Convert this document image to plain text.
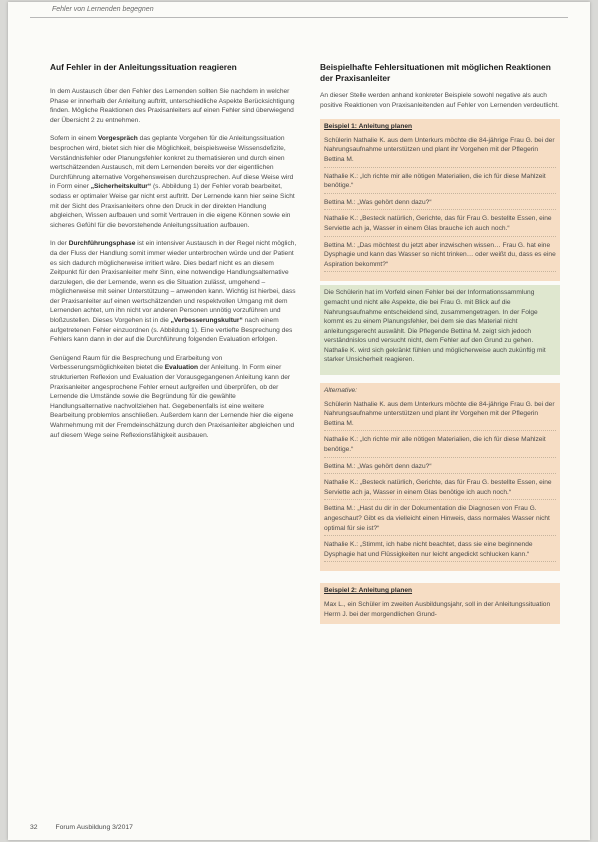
Fehler von Lernenden begegnen
Auf Fehler in der Anleitungssituation reagieren

In dem Austausch über den Fehler des Lernenden sollten Sie nachdem in welcher Phase er innerhalb der Anleitung auftritt, unterschiedliche Aspekte Berücksichtigung finden. Mögliche Reaktionen des Praxisanleiters auf einen Fehler sind überwiegend der Übersicht 2 zu entnehmen.

Sofern in einem Vorgespräch das geplante Vorgehen für die Anleitungssituation besprochen wird, bietet sich hier die Möglichkeit, beispielsweise Wissensdefizite, Verständnisfehler oder Planungsfehler konkret zu thematisieren und durch einen wertschätzenden Austausch, mit dem Lernenden bereits vor der eigentlichen Durchführung alternative Vorgehensweisen durchzusprechen. Auf diese Weise wird in Form einer „Sicherheitskultur“ (s. Abbildung 1) der Fehler vorab bearbeitet, sodass er optimaler Weise gar nicht erst auftritt. Der Lernende kann hier seine Sicht mit der Sicht des Praxisanleiters ohne den Druck in der direkten Handlung abgleichen, Wissen aufbauen und somit Vertrauen in die eigene Können sowie ein sicheres Gefühl für die bevorstehende Anleitungssituation aufbauen.

In der Durchführungsphase ist ein intensiver Austausch in der Regel nicht möglich, da der Fluss der Handlung somit immer wieder unterbrochen würde und der Patient es sich dadurch möglicherweise irritiert wäre. Dies bedarf nicht es an diesem Zeitpunkt für den Praxisanleiter mehr Sinn, eine notwendige Handlungsalternative darzulegen, die der Lernende, wenn es die Situation zulässt, umgehend – möglicherweise mit seiner Unterstützung – anwenden kann. Wichtig ist hierbei, dass der Praxisanleiter auf einen wertschätzenden und respektvollen Umgang mit dem Lernenden achtet, um ihn nicht vor anderen Personen unnötig vorzuführen und bloßzustellen. Dieses Vorgehen ist in die „Verbesserungskultur“ nach einem aufgetretenen Fehler einzuordnen (s. Abbildung 1). Eine vertiefte Besprechung des Fehlers kann dann in der auf die Durchführung folgenden Evaluation erfolgen.

Genügend Raum für die Besprechung und Erarbeitung von Verbesserungsmöglichkeiten bietet die Evaluation der Anleitung. In Form einer strukturierten Reflexion und Evaluation der Vorausgegangenen Anleitung kann der Praxisanleiter angesprochene Fehler erneut aufgreifen und überprüfen, ob der Lernende die Umstände sowie die Begründung für die gewählte Handlungsalternative nachvollziehen hat. Gegebenenfalls ist eine weitere Bearbeitung problemlos anschließen. Außerdem kann der Lernende hier die eigene Wahrnehmung mit der Fremdeinschätzung durch den Praxisanleiter abgleichen und auf diesem Wege seine Reflexionsfähigkeit ausbauen.

Beispielhafte Fehlersituationen mit möglichen Reaktionen der Praxisanleiter

An dieser Stelle werden anhand konkreter Beispiele sowohl negative als auch positive Reaktionen von Praxisanleitenden auf Fehler von Lernenden verdeutlicht.

Beispiel 1: Anleitung planen
Schülerin Nathalie K. aus dem Unterkurs möchte die 84-jährige Frau G. bei der Nahrungsaufnahme unterstützen und plant ihr Vorgehen mit der Pflegerin Bettina M.
Nathalie K.: „Ich richte mir alle nötigen Materialien, die ich für diese Mahlzeit benötige.“
Bettina M.: „Was gehört denn dazu?“
Nathalie K.: „Besteck natürlich, Gerichte, das für Frau G. bestellte Essen, eine Serviette ach ja, Wasser in einem Glas brauche ich auch noch.“
Bettina M.: „Das möchtest du jetzt aber inzwischen wissen… Frau G. hat eine Dysphagie und kann das Wasser so nicht trinken… oder weißt du, dass es eine Aspiration bekommt?“

Die Schülerin hat im Vorfeld einen Fehler bei der Informationssammlung gemacht und nicht alle Aspekte, die bei Frau G. mit Blick auf die Nahrungsaufnahme entscheidend sind, zusammengetragen. In der Folge kommt es zu einem Planungsfehler, bei dem sie das Material nicht anleitungsgerecht auswählt. Die Pflegende Bettina M. zeigt sich jedoch verständnislos und versucht nicht, dem Fehler auf den Grund zu gehen. Nathalie K. wird sich gekränkt fühlen und möglicherweise auch zukünftig mit starker Unsicherheit reagieren.

Alternative:
Schülerin Nathalie K. aus dem Unterkurs möchte die 84-jährige Frau G. bei der Nahrungsaufnahme unterstützen und plant ihr Vorgehen mit der Pflegerin Bettina M.
Nathalie K.: „Ich richte mir alle nötigen Materialien, die ich für diese Mahlzeit benötige.“
Bettina M.: „Was gehört denn dazu?“
Nathalie K.: „Besteck natürlich, Gerichte, das für Frau G. bestellte Essen, eine Serviette ach ja, Wasser in einem Glas benötige ich auch noch.“
Bettina M.: „Hast du dir in der Dokumentation die Diagnosen von Frau G. angeschaut? Gibt es da vielleicht einen Hinweis, dass normales Wasser nicht optimal für sie ist?“
Nathalie K.: „Stimmt, ich habe nicht beachtet, dass sie eine beginnende Dysphagie hat und Flüssigkeiten nur leicht angedickt schlucken kann.“
Beispiel 2: Anleitung planen
Max L., ein Schüler im zweiten Ausbildungsjahr, soll in der Anleitungssituation Herrn J. bei der morgendlichen Grund-
32	Forum Ausbildung 3/2017
